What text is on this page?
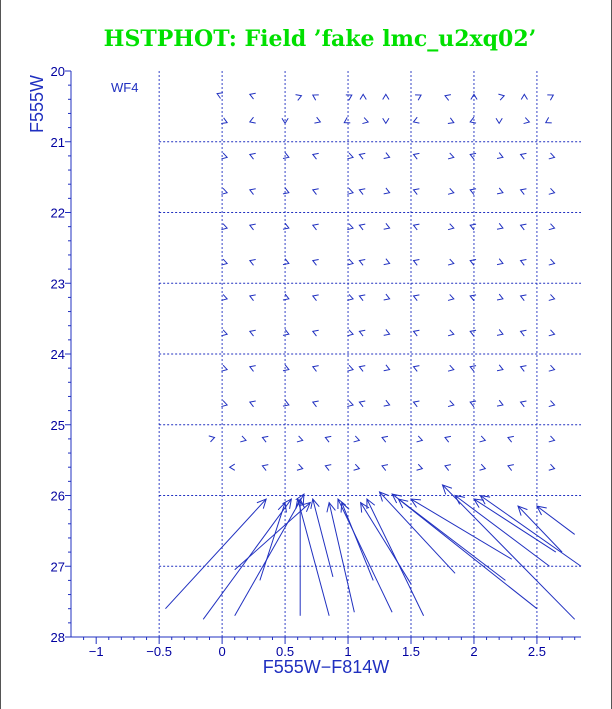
HSTPHOT: Field ’fake lmc_u2xq02’
−1	−0.5	0	0.5	1	1.5	2	2.5
20
21
22
23
24
25
26
27
28
WF4
F555W−F814W
F555W
